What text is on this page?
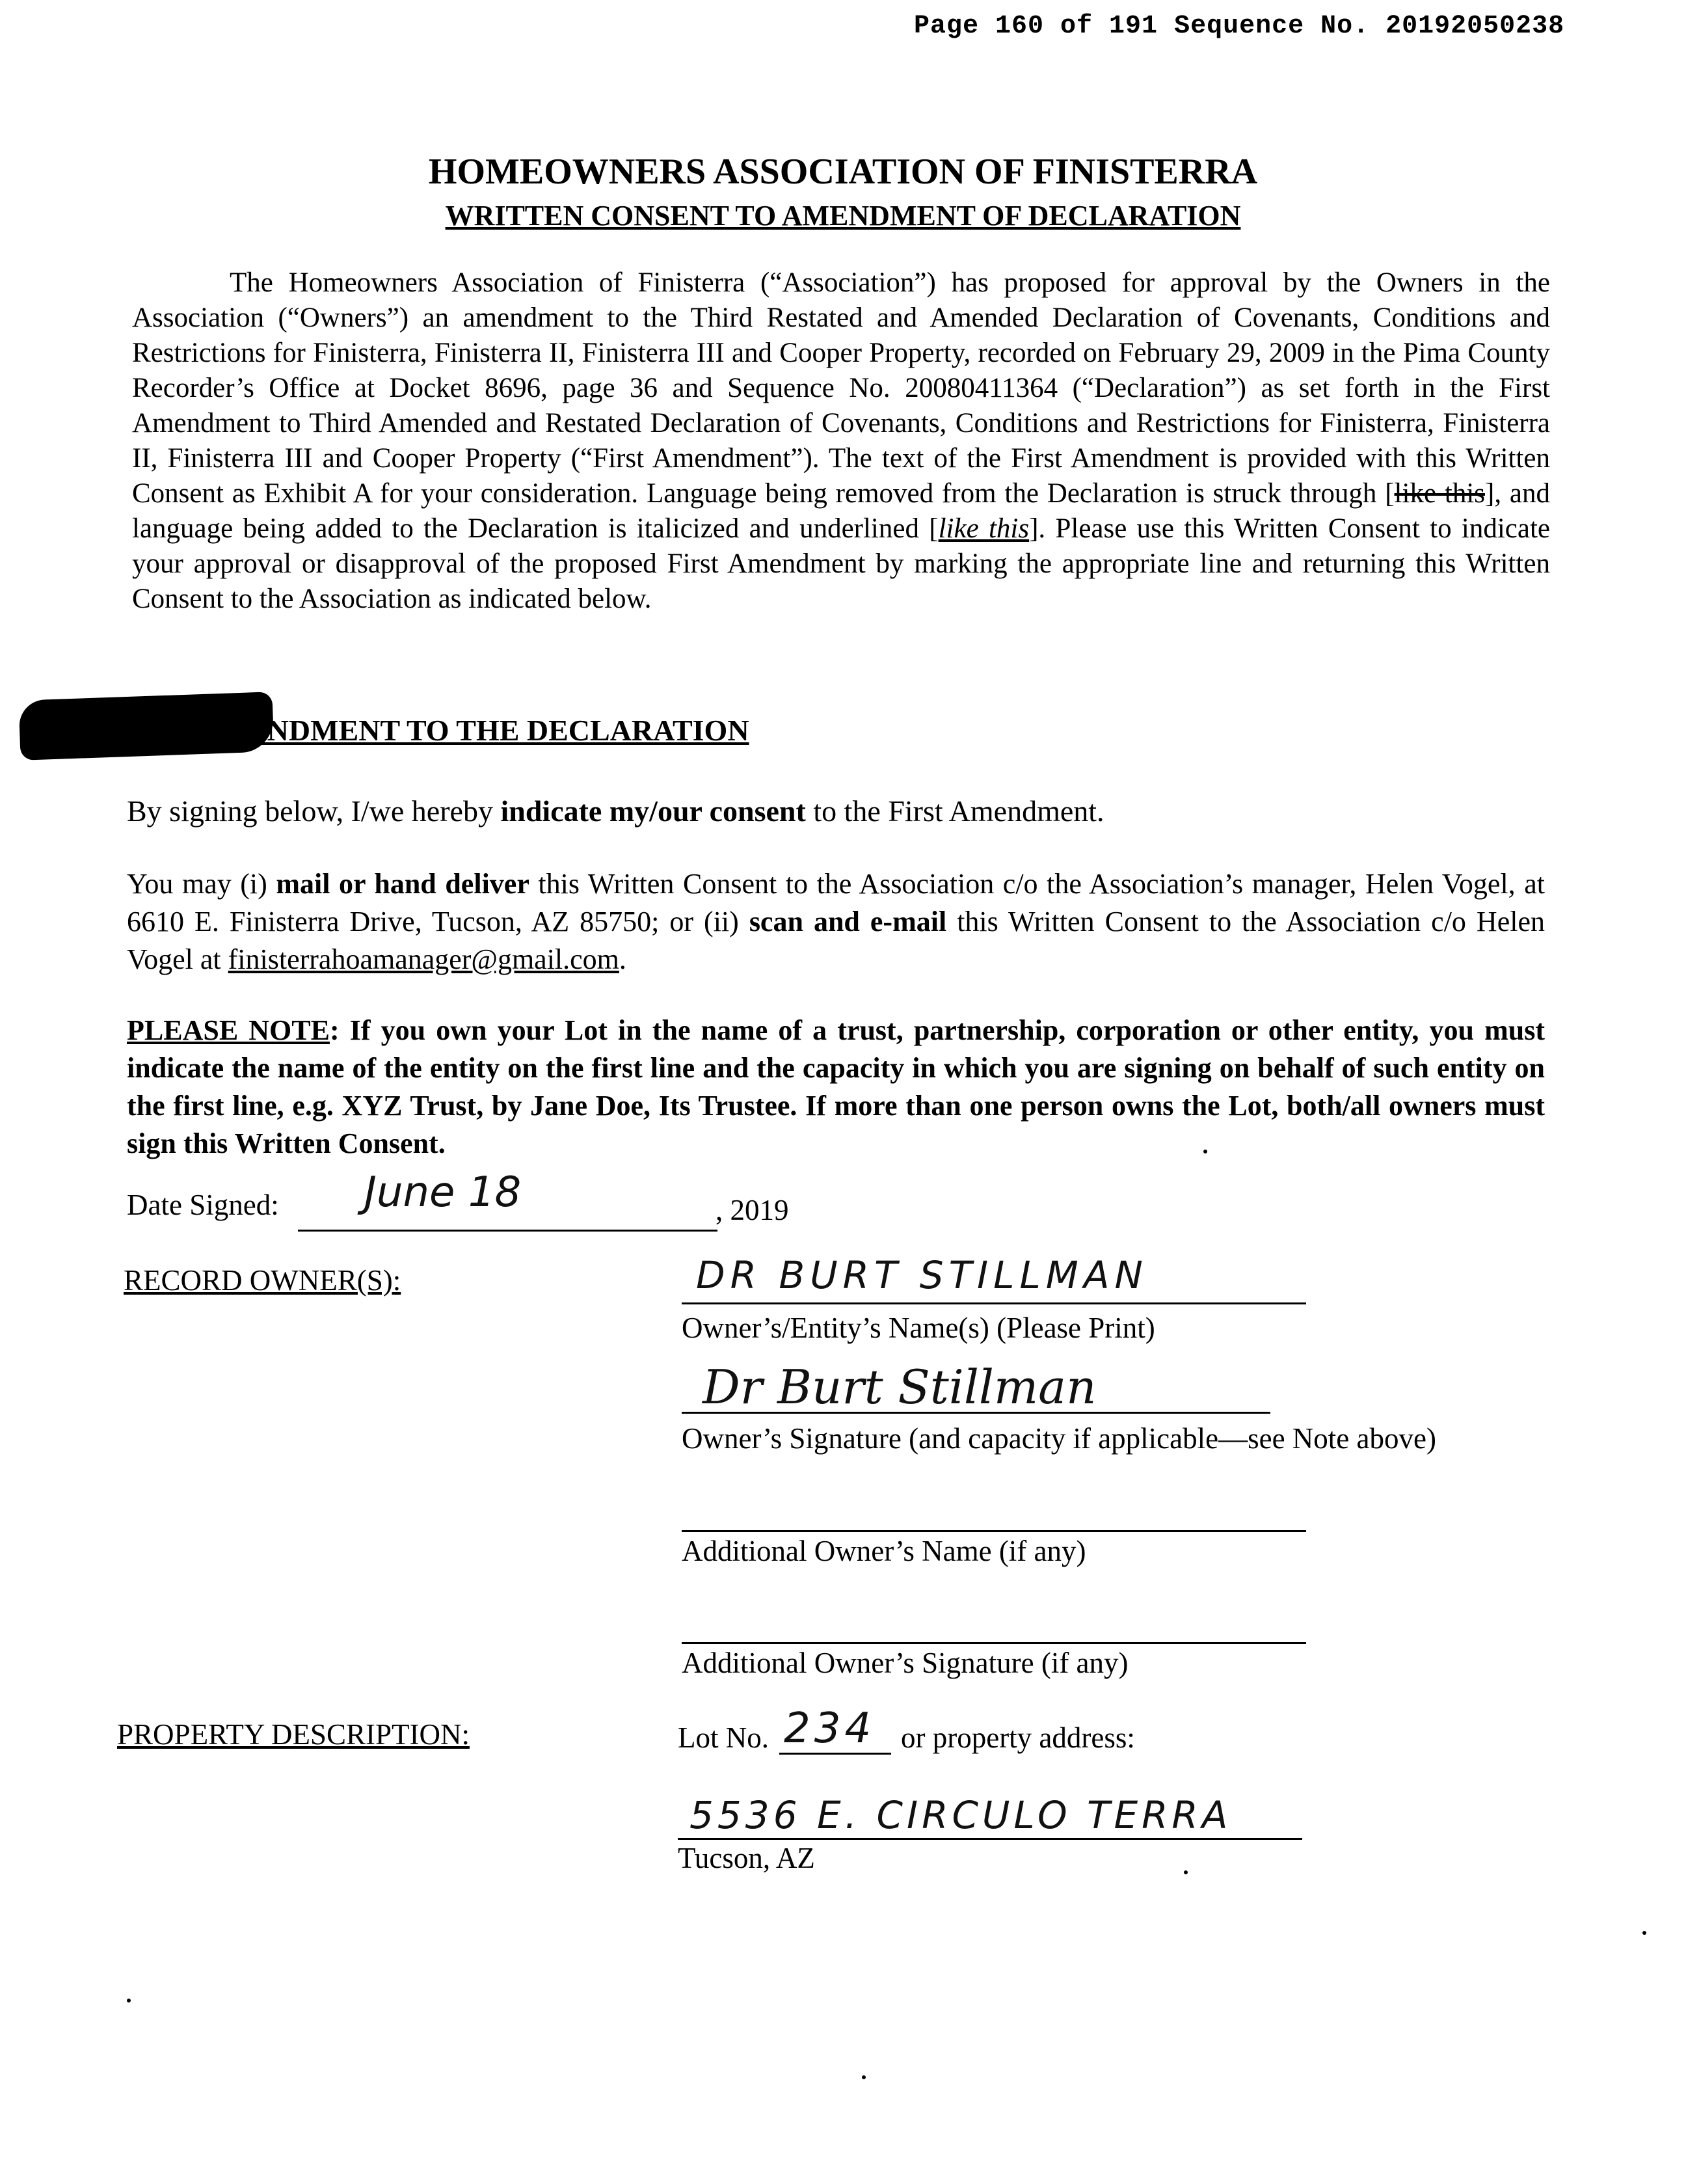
Page 160 of 191 Sequence No. 20192050238
HOMEOWNERS ASSOCIATION OF FINISTERRA
WRITTEN CONSENT TO AMENDMENT OF DECLARATION
The Homeowners Association of Finisterra (“Association”) has proposed for approval by the Owners in the Association (“Owners”) an amendment to the Third Restated and Amended Declaration of Covenants, Conditions and Restrictions for Finisterra, Finisterra II, Finisterra III and Cooper Property, recorded on February 29, 2009 in the Pima County Recorder’s Office at Docket 8696, page 36 and Sequence No. 20080411364 (“Declaration”) as set forth in the First Amendment to Third Amended and Restated Declaration of Covenants, Conditions and Restrictions for Finisterra, Finisterra II, Finisterra III and Cooper Property (“First Amendment”). The text of the First Amendment is provided with this Written Consent as Exhibit A for your consideration. Language being removed from the Declaration is struck through [like this], and language being added to the Declaration is italicized and underlined [like this]. Please use this Written Consent to indicate your approval or disapproval of the proposed First Amendment by marking the appropriate line and returning this Written Consent to the Association as indicated below.
ENDMENT TO THE DECLARATION
By signing below, I/we hereby indicate my/our consent to the First Amendment.
You may (i) mail or hand deliver this Written Consent to the Association c/o the Association’s manager, Helen Vogel, at 6610 E. Finisterra Drive, Tucson, AZ 85750; or (ii) scan and e-mail this Written Consent to the Association c/o Helen Vogel at finisterrahoamanager@gmail.com.
PLEASE NOTE: If you own your Lot in the name of a trust, partnership, corporation or other entity, you must indicate the name of the entity on the first line and the capacity in which you are signing on behalf of such entity on the first line, e.g. XYZ Trust, by Jane Doe, Its Trustee. If more than one person owns the Lot, both/all owners must sign this Written Consent.
Date Signed: June 18	, 2019
RECORD OWNER(S):	DR BURT STILLMAN
Owner’s/Entity’s Name(s) (Please Print)
Dr Burt Stillman
Owner’s Signature (and capacity if applicable—see Note above)
Additional Owner’s Name (if any)
Additional Owner’s Signature (if any)
PROPERTY DESCRIPTION:	Lot No. 234 or property address:
5536 E. CIRCULO TERRA
Tucson, AZ
